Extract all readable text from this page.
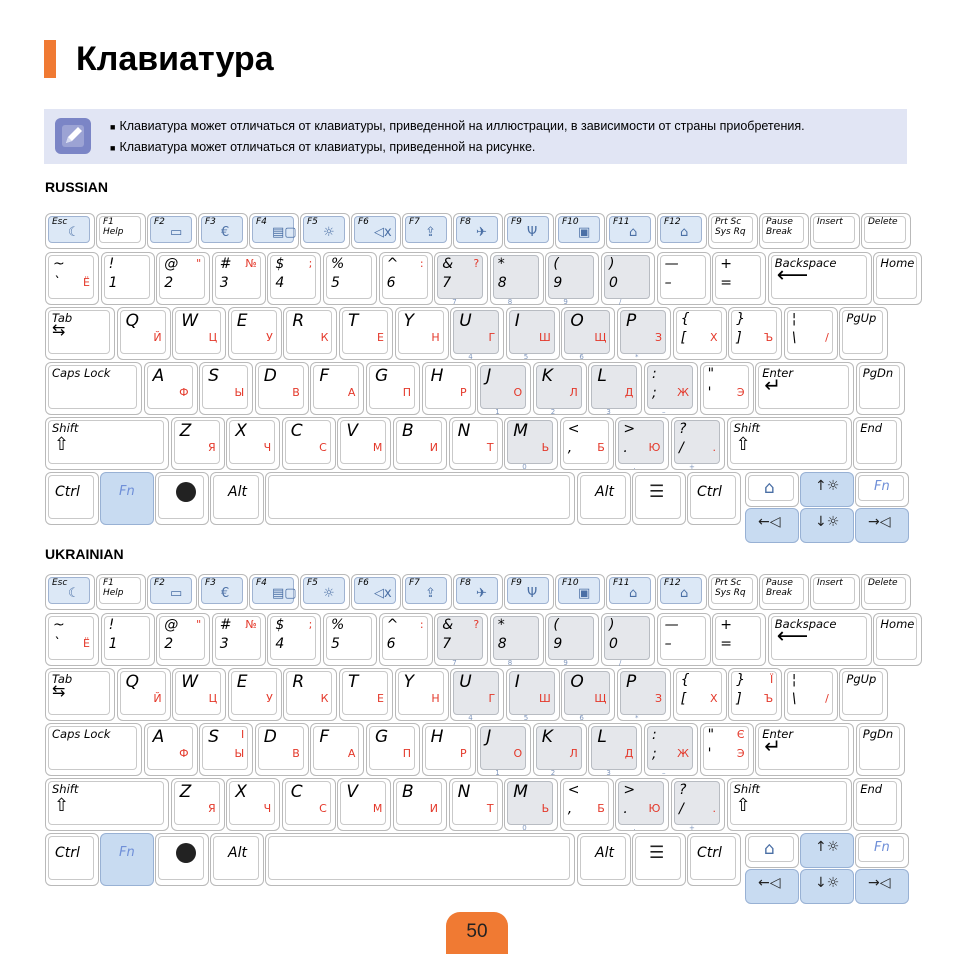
Клавиатура
■ Клавиатура может отличаться от клавиатуры, приведенной на иллюстрации, в зависимости от страны приобретения.
■ Клавиатура может отличаться от клавиатуры, приведенной на рисунке.
RUSSIAN
Esc
☾
F1
Help
F2
▭
F3
€
F4
▤▢
F5
☼
F6
◁x
F7
⇪
F8
✈
F9
Ψ
F10
▣
F11
⌂
F12
⌂
Prt Sc
Sys Rq
Pause
Break
Insert	Delete
~
` Ё
!
1
@
2
" #
3
№ $
4
; %
5
^
6
: &
7
?
7
*
8
8
(
9
9
)
0
/
—
–
+
=
Backspace
⟵	Home
Tab
⇆	Q
Й
W
Ц
E
У
R
К
T
Е
Y
Н
U
Г
4
I
Ш
5
O
Щ
6
P
З
*
{
[ Х
}
] Ъ
¦
\	/
PgUp
Caps Lock A
Ф
S
Ы
D
В
F
А
G
П
H
Р
J
О
1
K
Л
2
L
Д
3
:
; Ж
–
"
' Э
Enter
↵	PgDn
Shift
⇧
Z
Я
X
Ч
C
С
V
М
B
И
N
Т
M
Ь
0
<
, Б
>
. Ю
.
?
/	.
+
Shift
⇧
End
Ctrl	Fn	Alt	Alt ☰ Ctrl ⌂	↑☼	Fn
←◁ ↓☼ →◁
UKRAINIAN
Esc
☾
F1
Help
F2
▭
F3
€
F4
▤▢
F5
☼
F6
◁x
F7
⇪
F8
✈
F9
Ψ
F10
▣
F11
⌂
F12
⌂
Prt Sc
Sys Rq
Pause
Break
Insert	Delete
~
` Ё
!
1
@
2
" #
3
№ $
4
; %
5
^
6
: &
7
?
7
*
8
8
(
9
9
)
0
/
—
–
+
=
Backspace
⟵	Home
Tab
⇆	Q
Й
W
Ц
E
У
R
К
T
Е
Y
Н
U
Г
4
I
Ш
5
O
Щ
6
P
З
*
{
[ Х
}
] Ъ
Ї ¦
\	/
PgUp
Caps Lock A
Ф
S І
Ы
D
В
F
А
G
П
H
Р
J
О
1
K
Л
2
L
Д
3
:
; Ж
–
"
' Э
Є Enter
↵	PgDn
Shift
⇧
Z
Я
X
Ч
C
С
V
М
B
И
N
Т
M
Ь
0
<
, Б
>
. Ю
.
?
/	.
+
Shift
⇧
End
Ctrl	Fn	Alt	Alt ☰ Ctrl ⌂	↑☼	Fn
←◁ ↓☼ →◁
50
